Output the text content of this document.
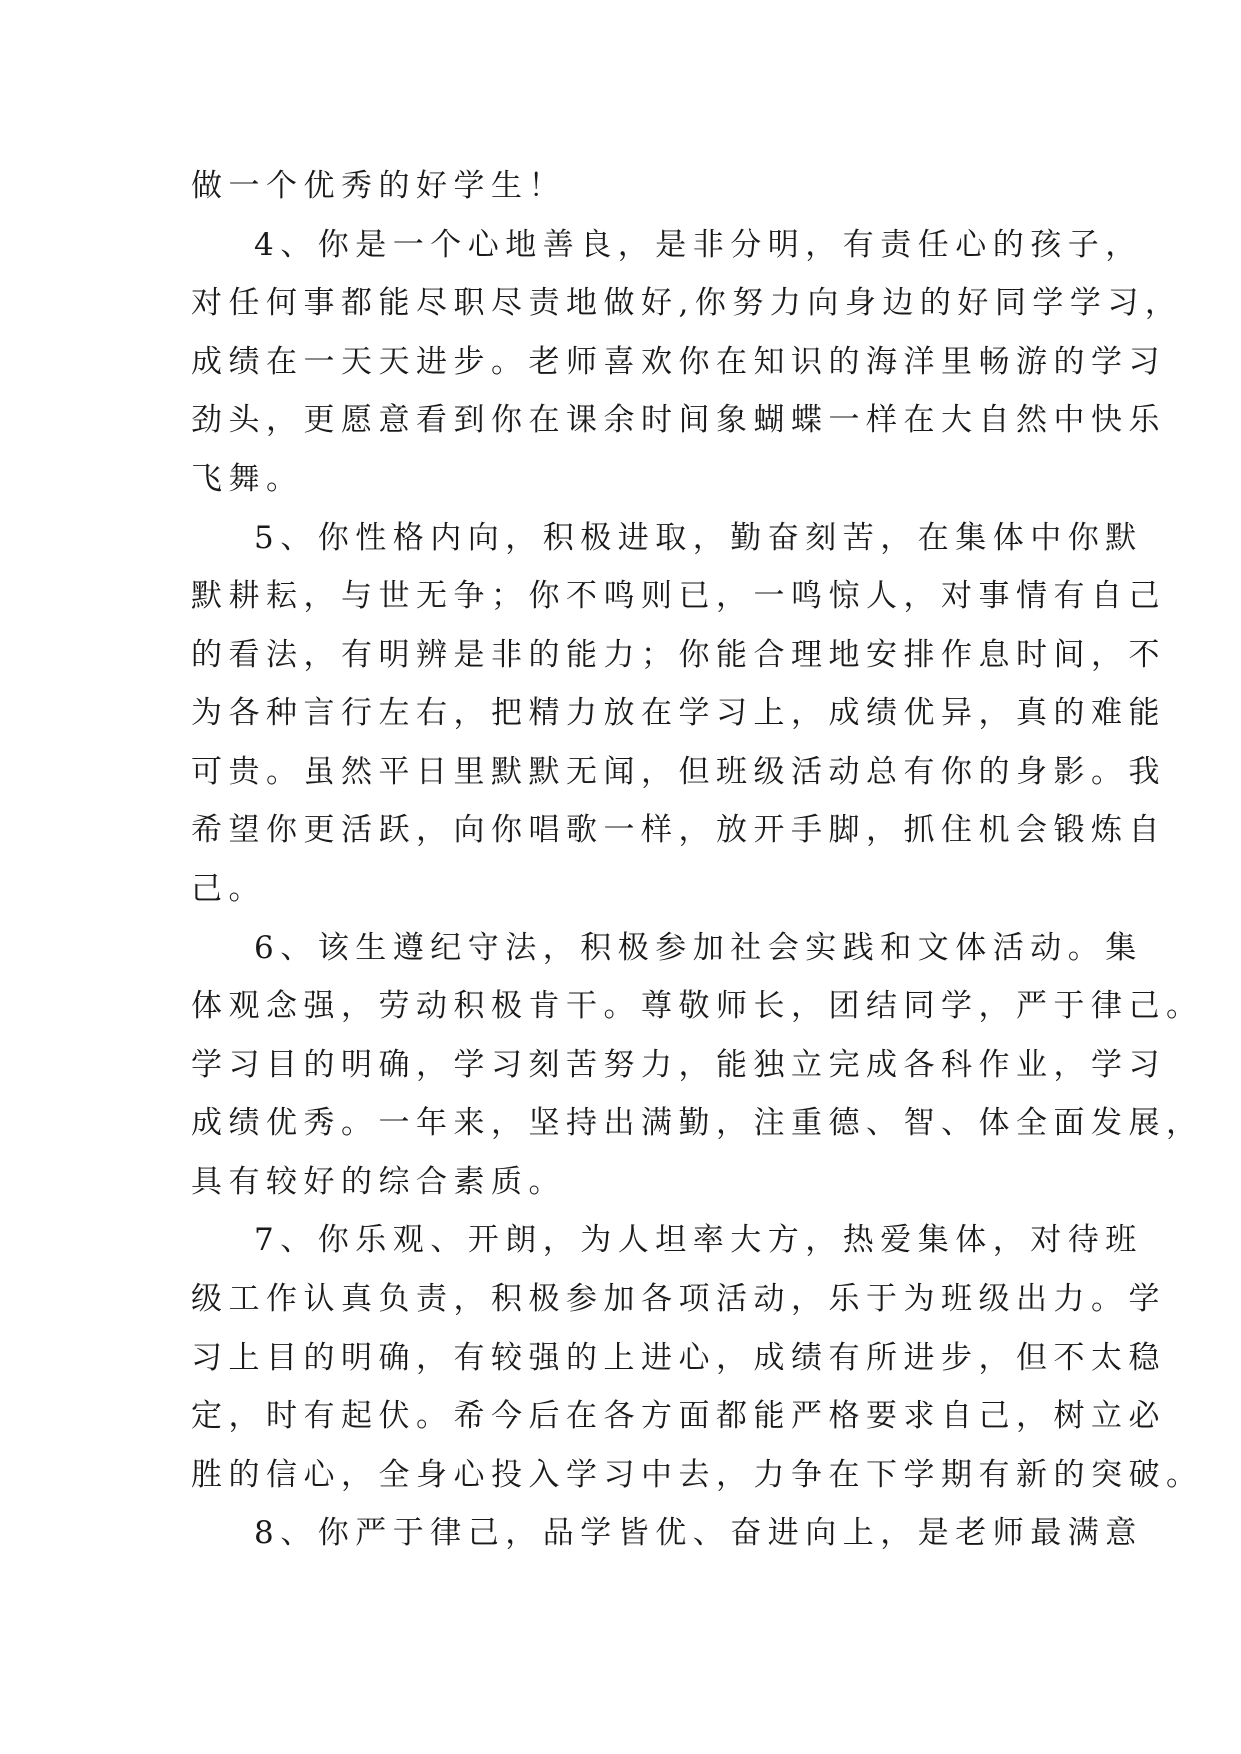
做一个优秀的好学生！
4、你是一个心地善良，是非分明，有责任心的孩子，
对任何事都能尽职尽责地做好,你努力向身边的好同学学习，
成绩在一天天进步。老师喜欢你在知识的海洋里畅游的学习
劲头，更愿意看到你在课余时间象蝴蝶一样在大自然中快乐
飞舞。
5、你性格内向，积极进取，勤奋刻苦，在集体中你默
默耕耘，与世无争；你不鸣则已，一鸣惊人，对事情有自己
的看法，有明辨是非的能力；你能合理地安排作息时间，不
为各种言行左右，把精力放在学习上，成绩优异，真的难能
可贵。虽然平日里默默无闻，但班级活动总有你的身影。我
希望你更活跃，向你唱歌一样，放开手脚，抓住机会锻炼自
己。
6、该生遵纪守法，积极参加社会实践和文体活动。集
体观念强，劳动积极肯干。尊敬师长，团结同学，严于律己。
学习目的明确，学习刻苦努力，能独立完成各科作业，学习
成绩优秀。一年来，坚持出满勤，注重德、智、体全面发展，
具有较好的综合素质。
7、你乐观、开朗，为人坦率大方，热爱集体，对待班
级工作认真负责，积极参加各项活动，乐于为班级出力。学
习上目的明确，有较强的上进心，成绩有所进步，但不太稳
定，时有起伏。希今后在各方面都能严格要求自己，树立必
胜的信心，全身心投入学习中去，力争在下学期有新的突破。
8、你严于律己，品学皆优、奋进向上，是老师最满意
